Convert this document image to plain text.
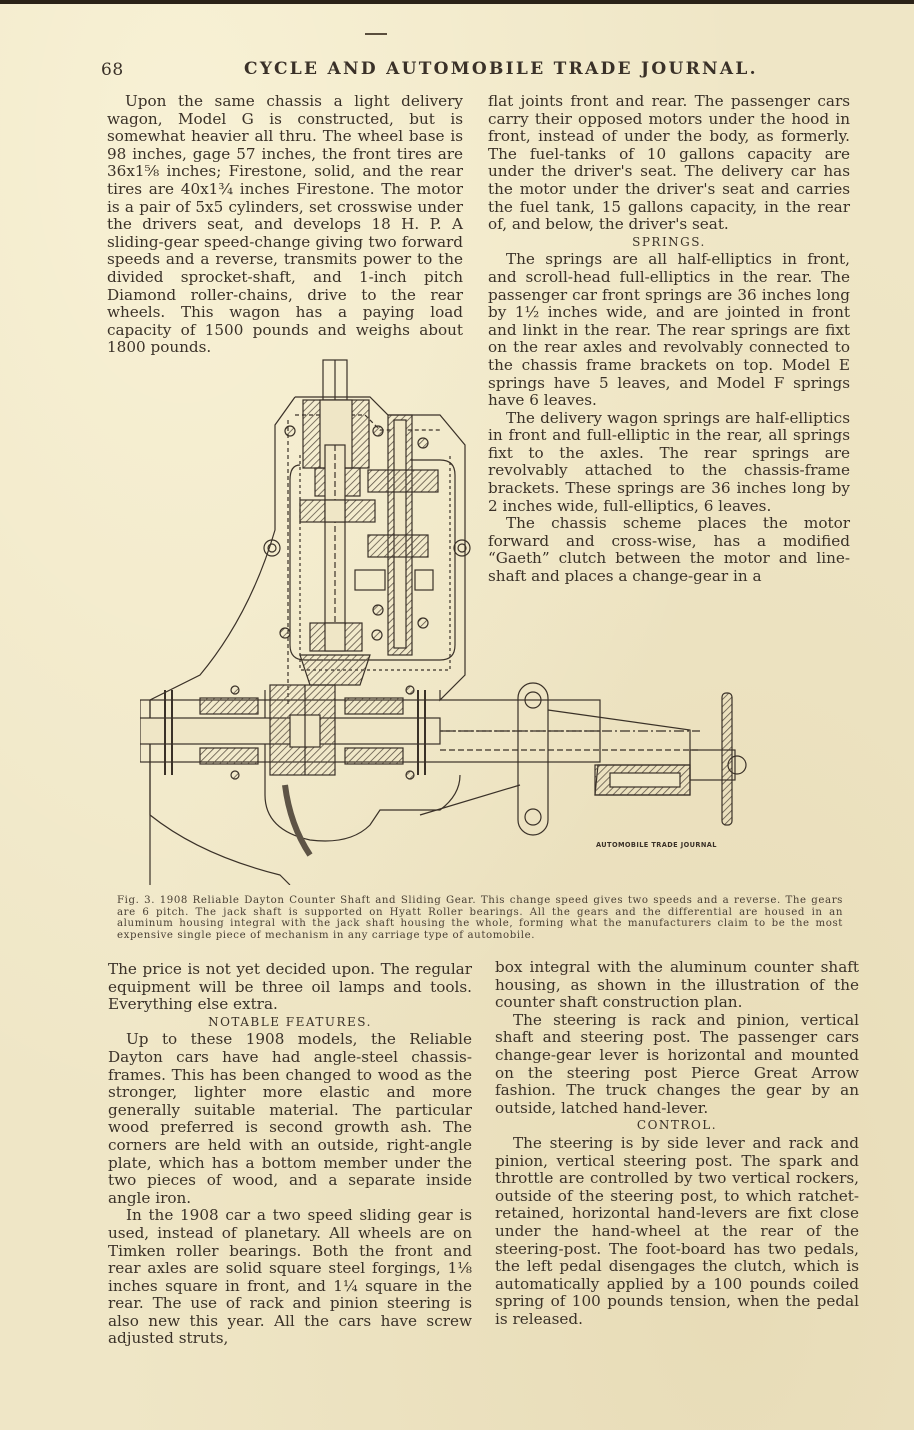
68	CYCLE AND AUTOMOBILE TRADE JOURNAL.

Upon the same chassis a light delivery wagon, Model G is constructed, but is somewhat heavier all thru. The wheel base is 98 inches, gage 57 inches, the front tires are 36x1⅝ inches; Firestone, solid, and the rear tires are 40x1¾ inches Firestone. The motor is a pair of 5x5 cylinders, set crosswise under the drivers seat, and develops 18 H. P. A sliding-gear speed-change giving two forward speeds and a reverse, transmits power to the divided sprocket-shaft, and 1-inch pitch Diamond roller-chains, drive to the rear wheels. This wagon has a paying load capacity of 1500 pounds and weighs about 1800 pounds.

flat joints front and rear. The passenger cars carry their opposed motors under the hood in front, instead of under the body, as formerly. The fuel-tanks of 10 gallons capacity are under the driver's seat. The delivery car has the motor under the driver's seat and carries the fuel tank, 15 gallons capacity, in the rear of, and below, the driver's seat.

SPRINGS.

The springs are all half-elliptics in front, and scroll-head full-elliptics in the rear. The passenger car front springs are 36 inches long by 1½ inches wide, and are jointed in front and linkt in the rear. The rear springs are fixt on the rear axles and revolvably connected to the chassis frame brackets on top. Model E springs have 5 leaves, and Model F springs have 6 leaves.

The delivery wagon springs are half-elliptics in front and full-elliptic in the rear, all springs fixt to the axles. The rear springs are revolvably attached to the chassis-frame brackets. These springs are 36 inches long by 2 inches wide, full-elliptics, 6 leaves.

The chassis scheme places the motor forward and cross-wise, has a modified “Gaeth” clutch between the motor and line-shaft and places a change-gear in a

AUTOMOBILE TRADE JOURNAL
Fig. 3. 1908 Reliable Dayton Counter Shaft and Sliding Gear. This change speed gives two speeds and a reverse. The gears are 6 pitch. The jack shaft is supported on Hyatt Roller bearings. All the gears and the differential are housed in an aluminum housing integral with the jack shaft housing the whole, forming what the manufacturers claim to be the most expensive single piece of mechanism in any carriage type of automobile.

The price is not yet decided upon. The regular equipment will be three oil lamps and tools. Everything else extra.

NOTABLE FEATURES.

Up to these 1908 models, the Reliable Dayton cars have had angle-steel chassis-frames. This has been changed to wood as the stronger, lighter more elastic and more generally suitable material. The particular wood preferred is second growth ash. The corners are held with an outside, right-angle plate, which has a bottom member under the two pieces of wood, and a separate inside angle iron.

In the 1908 car a two speed sliding gear is used, instead of planetary. All wheels are on Timken roller bearings. Both the front and rear axles are solid square steel forgings, 1⅛ inches square in front, and 1¼ square in the rear. The use of rack and pinion steering is also new this year. All the cars have screw adjusted struts,

box integral with the aluminum counter shaft housing, as shown in the illustration of the counter shaft construction plan.

The steering is rack and pinion, vertical shaft and steering post. The passenger cars change-gear lever is horizontal and mounted on the steering post Pierce Great Arrow fashion. The truck changes the gear by an outside, latched hand-lever.

CONTROL.

The steering is by side lever and rack and pinion, vertical steering post. The spark and throttle are controlled by two vertical rockers, outside of the steering post, to which ratchet-retained, horizontal hand-levers are fixt close under the hand-wheel at the rear of the steering-post. The foot-board has two pedals, the left pedal disengages the clutch, which is automatically applied by a 100 pounds coiled spring of 100 pounds tension, when the pedal is released.
